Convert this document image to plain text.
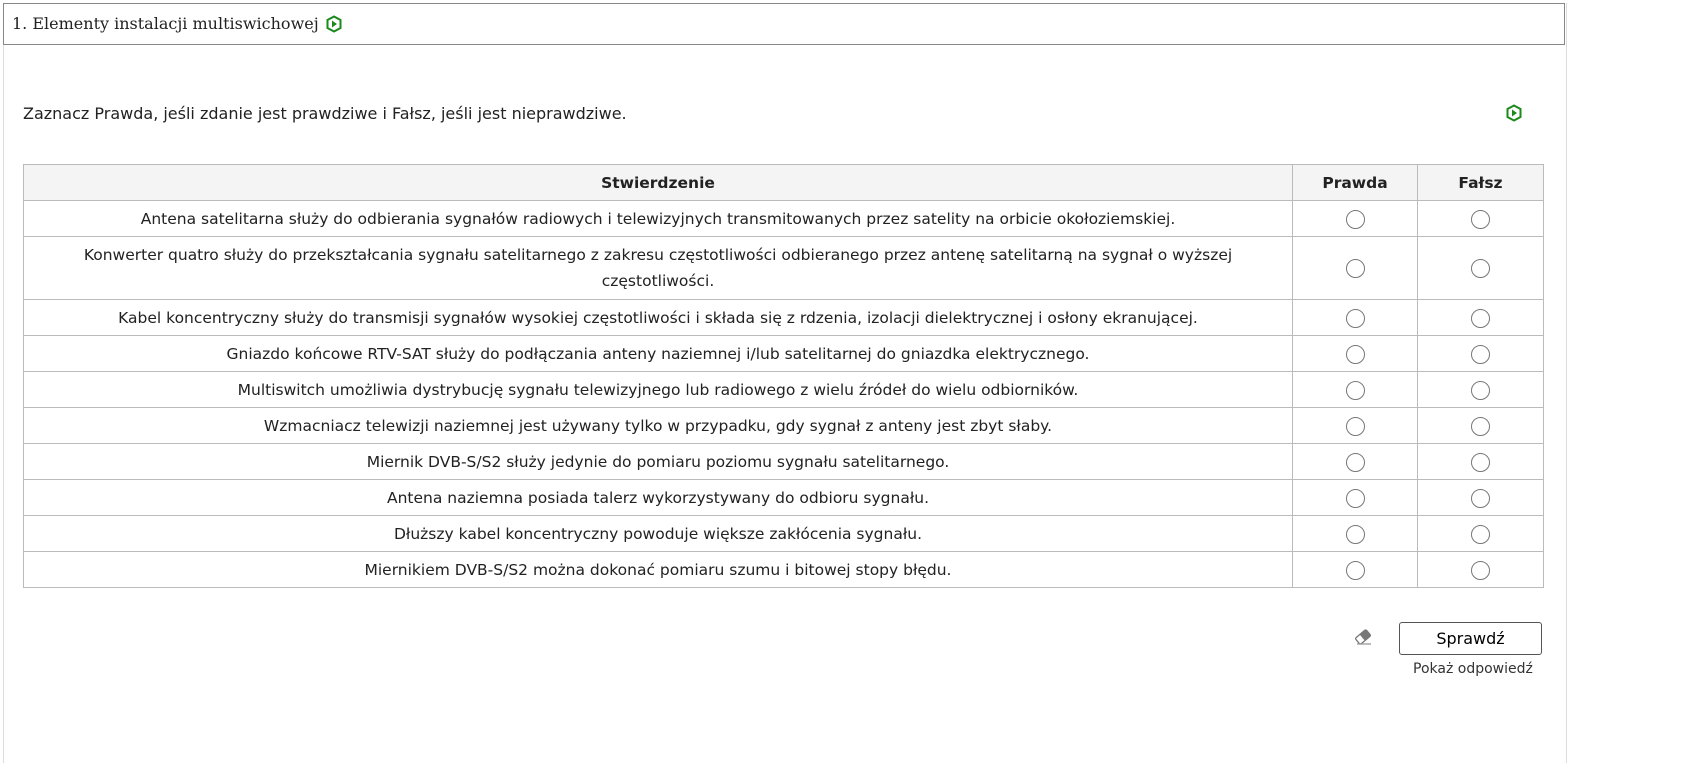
1. Elementy instalacji multiswichowej
Zaznacz Prawda, jeśli zdanie jest prawdziwe i Fałsz, jeśli jest nieprawdziwe.
Stwierdzenie	Prawda	Fałsz
Antena satelitarna służy do odbierania sygnałów radiowych i telewizyjnych transmitowanych przez satelity na orbicie okołoziemskiej.		
Konwerter quatro służy do przekształcania sygnału satelitarnego z zakresu częstotliwości odbieranego przez antenę satelitarną na sygnał o wyższej częstotliwości.		
Kabel koncentryczny służy do transmisji sygnałów wysokiej częstotliwości i składa się z rdzenia, izolacji dielektrycznej i osłony ekranującej.		
Gniazdo końcowe RTV-SAT służy do podłączania anteny naziemnej i/lub satelitarnej do gniazdka elektrycznego.		
Multiswitch umożliwia dystrybucję sygnału telewizyjnego lub radiowego z wielu źródeł do wielu odbiorników.		
Wzmacniacz telewizji naziemnej jest używany tylko w przypadku, gdy sygnał z anteny jest zbyt słaby.		
Miernik DVB-S/S2 służy jedynie do pomiaru poziomu sygnału satelitarnego.		
Antena naziemna posiada talerz wykorzystywany do odbioru sygnału.		
Dłuższy kabel koncentryczny powoduje większe zakłócenia sygnału.		
Miernikiem DVB-S/S2 można dokonać pomiaru szumu i bitowej stopy błędu.		
Sprawdź
Pokaż odpowiedź
